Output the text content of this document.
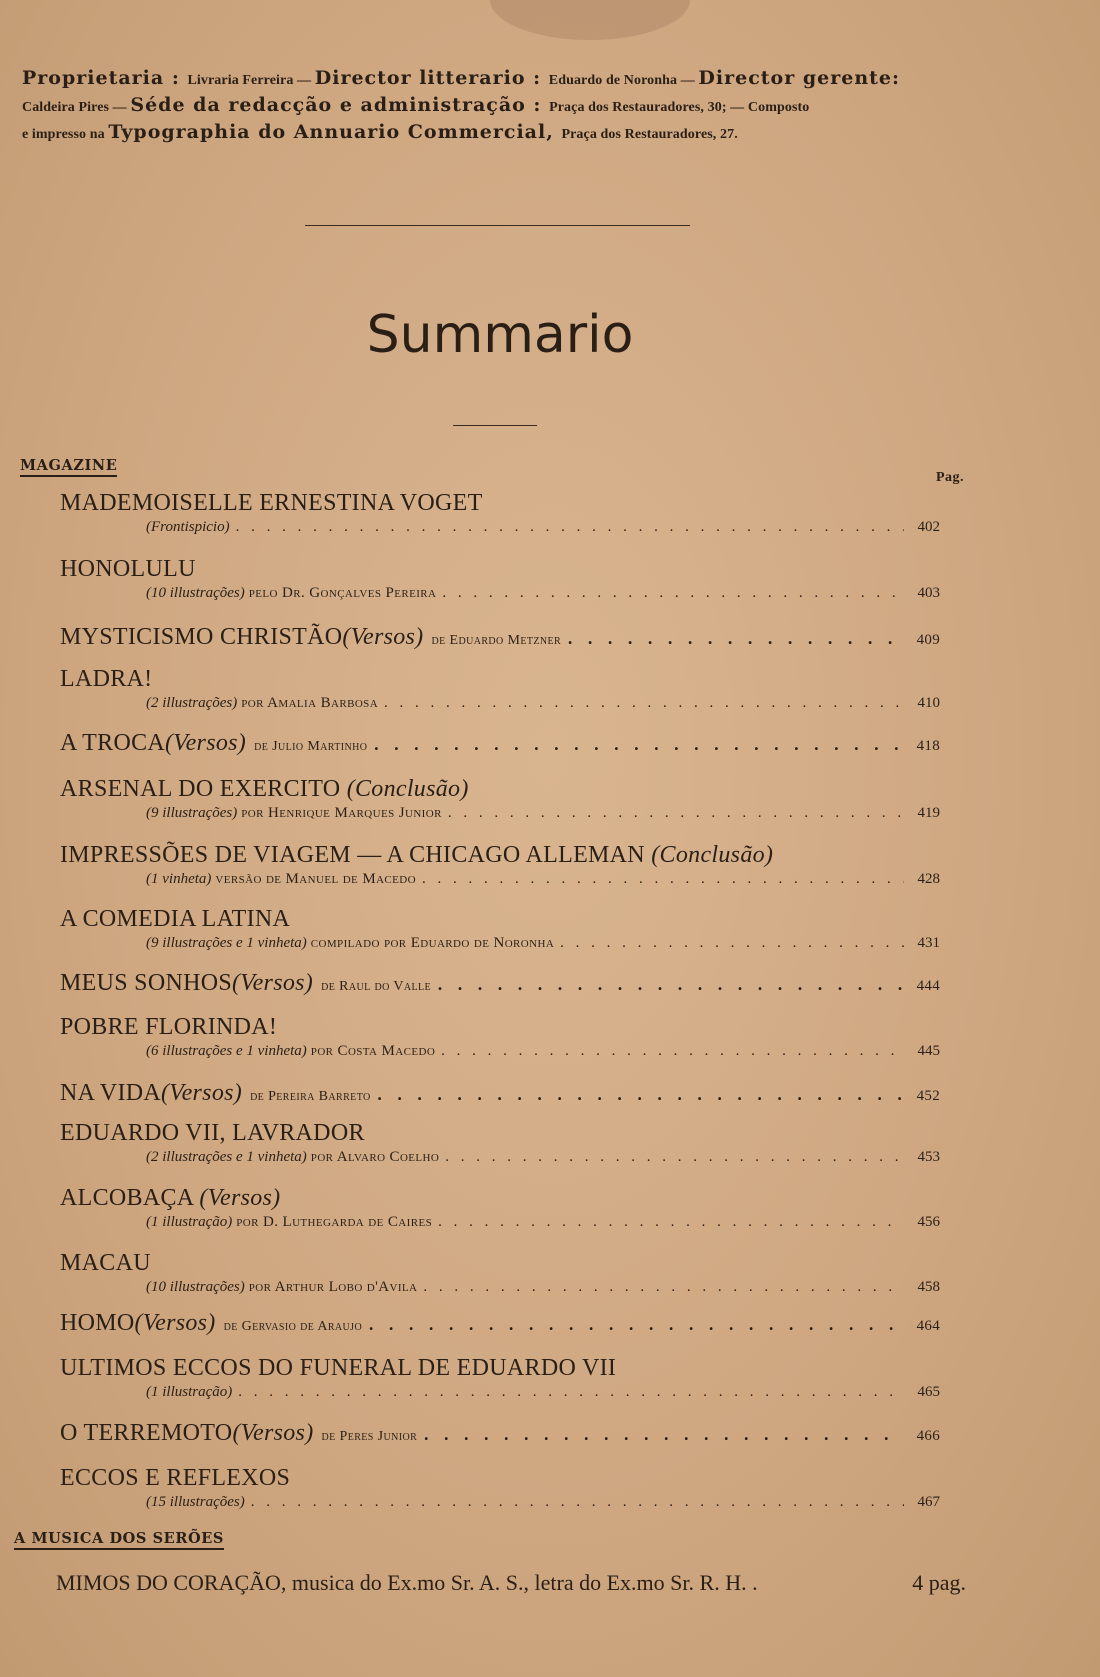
Proprietaria : Livraria Ferreira — Director litterario : Eduardo de Noronha — Director gerente:
Caldeira Pires — Séde da redacção e administração : Praça dos Restauradores, 30; — Composto
e impresso na Typographia do Annuario Commercial, Praça dos Restauradores, 27.
Summario
MAGAZINE
Pag.
MADEMOISELLE ERNESTINA VOGET
(Frontispicio) . . .	402
HONOLULU
(10 illustrações) pelo Dr. Gonçalves Pereira . . .	403
MYSTICISMO CHRISTÃO (Versos) de Eduardo Metzner . . .	409
LADRA!
(2 illustrações) por Amalia Barbosa . . .	410
A TROCA (Versos) de Julio Martinho . . .	418
ARSENAL DO EXERCITO (Conclusão)
(9 illustrações) por Henrique Marques Junior . . .	419
IMPRESSÕES DE VIAGEM — A CHICAGO ALLEMAN (Conclusão)
(1 vinheta) versão de Manuel de Macedo . . .	428
A COMEDIA LATINA
(9 illustrações e 1 vinheta) compilado por Eduardo de Noronha . . .	431
MEUS SONHOS (Versos) de Raul do Valle . . .	444
POBRE FLORINDA!
(6 illustrações e 1 vinheta) por Costa Macedo . . .	445
NA VIDA (Versos) de Pereira Barreto . . .	452
EDUARDO VII, LAVRADOR
(2 illustrações e 1 vinheta) por Alvaro Coelho . . .	453
ALCOBAÇA (Versos)
(1 illustração) por D. Luthegarda de Caires . . .	456
MACAU
(10 illustrações) por Arthur Lobo d'Avila . . .	458
HOMO (Versos) de Gervasio de Araujo . . .	464
ULTIMOS ECCOS DO FUNERAL DE EDUARDO VII
(1 illustração) . . .	465
O TERREMOTO (Versos) de Peres Junior . . .	466
ECCOS E REFLEXOS
(15 illustrações) . . .	467
A MUSICA DOS SERÕES
MIMOS DO CORAÇÃO, musica do Ex.mo Sr. A. S., letra do Ex.mo Sr. R. H. .	4 pag.
